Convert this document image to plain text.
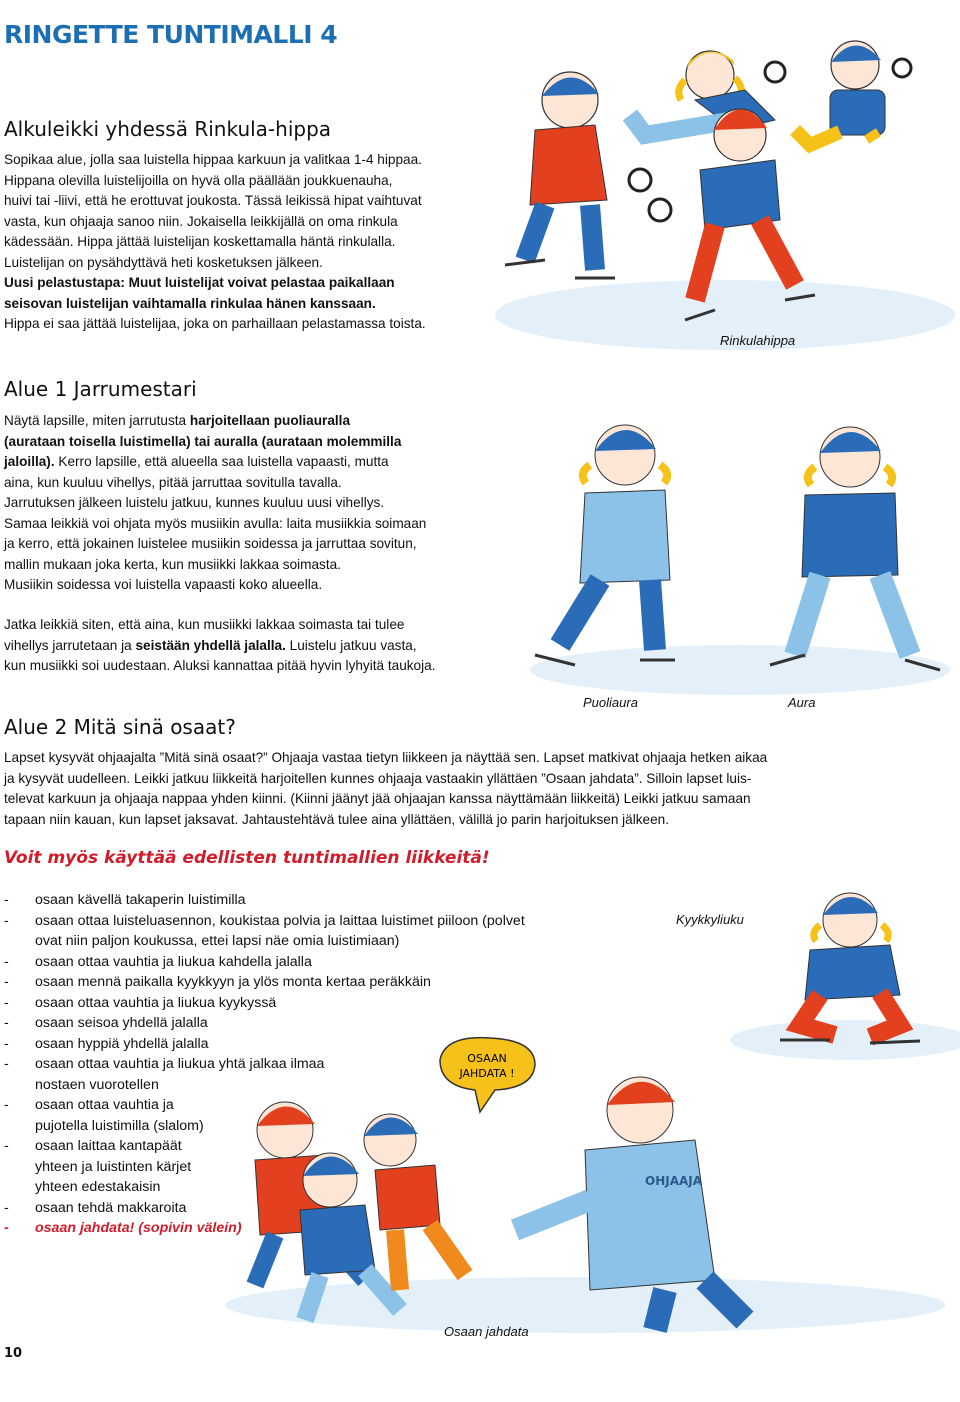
RINGETTE TUNTIMALLI 4
Alkuleikki yhdessä Rinkula-hippa
Sopikaa alue, jolla saa luistella hippaa karkuun ja valitkaa 1-4 hippaa.
Hippana olevilla luistelijoilla on hyvä olla päällään joukkuenauha,
huivi tai -liivi, että he erottuvat joukosta. Tässä leikissä hipat vaihtuvat
vasta, kun ohjaaja sanoo niin. Jokaisella leikkijällä on oma rinkula
kädessään. Hippa jättää luistelijan koskettamalla häntä rinkulalla.
Luistelijan on pysähdyttävä heti kosketuksen jälkeen.
Uusi pelastustapa: Muut luistelijat voivat pelastaa paikallaan
seisovan luistelijan vaihtamalla rinkulaa hänen kanssaan.
Hippa ei saa jättää luistelijaa, joka on parhaillaan pelastamassa toista.
Rinkulahippa
Alue 1 Jarrumestari
Näytä lapsille, miten jarrutusta harjoitellaan puoliauralla
(aurataan toisella luistimella) tai auralla (aurataan molemmilla
jaloilla). Kerro lapsille, että alueella saa luistella vapaasti, mutta
aina, kun kuuluu vihellys, pitää jarruttaa sovitulla tavalla.
Jarrutuksen jälkeen luistelu jatkuu, kunnes kuuluu uusi vihellys.
Samaa leikkiä voi ohjata myös musiikin avulla: laita musiikkia soimaan
ja kerro, että jokainen luistelee musiikin soidessa ja jarruttaa sovitun,
mallin mukaan joka kerta, kun musiikki lakkaa soimasta.
Musiikin soidessa voi luistella vapaasti koko alueella.
Jatka leikkiä siten, että aina, kun musiikki lakkaa soimasta tai tulee
vihellys jarrutetaan ja seistään yhdellä jalalla. Luistelu jatkuu vasta,
kun musiikki soi uudestaan. Aluksi kannattaa pitää hyvin lyhyitä taukoja.
Puoliaura	Aura
Alue 2 Mitä sinä osaat?
Lapset kysyvät ohjaajalta ”Mitä sinä osaat?” Ohjaaja vastaa tietyn liikkeen ja näyttää sen. Lapset matkivat ohjaaja hetken aikaa
ja kysyvät uudelleen. Leikki jatkuu liikkeitä harjoitellen kunnes ohjaaja vastaakin yllättäen ”Osaan jahdata”. Silloin lapset luis-
televat karkuun ja ohjaaja nappaa yhden kiinni. (Kiinni jäänyt jää ohjaajan kanssa näyttämään liikkeitä) Leikki jatkuu samaan
tapaan niin kauan, kun lapset jaksavat. Jahtaustehtävä tulee aina yllättäen, välillä jo parin harjoituksen jälkeen.
Voit myös käyttää edellisten tuntimallien liikkeitä!
- osaan kävellä takaperin luistimilla
- osaan ottaa luisteluasennon, koukistaa polvia ja laittaa luistimet piiloon (polvet
ovat niin paljon koukussa, ettei lapsi näe omia luistimiaan)
- osaan ottaa vauhtia ja liukua kahdella jalalla
- osaan mennä paikalla kyykkyyn ja ylös monta kertaa peräkkäin
- osaan ottaa vauhtia ja liukua kyykyssä
- osaan seisoa yhdellä jalalla
- osaan hyppiä yhdellä jalalla
- osaan ottaa vauhtia ja liukua yhtä jalkaa ilmaa
nostaen vuorotellen
- osaan ottaa vauhtia ja
pujotella luistimilla (slalom)
- osaan laittaa kantapäät
yhteen ja luistinten kärjet
yhteen edestakaisin
- osaan tehdä makkaroita
- osaan jahdata! (sopivin välein)
Kyykkyliuku
OSAAN
JAHDATA !
OHJAAJA
Osaan jahdata
10
